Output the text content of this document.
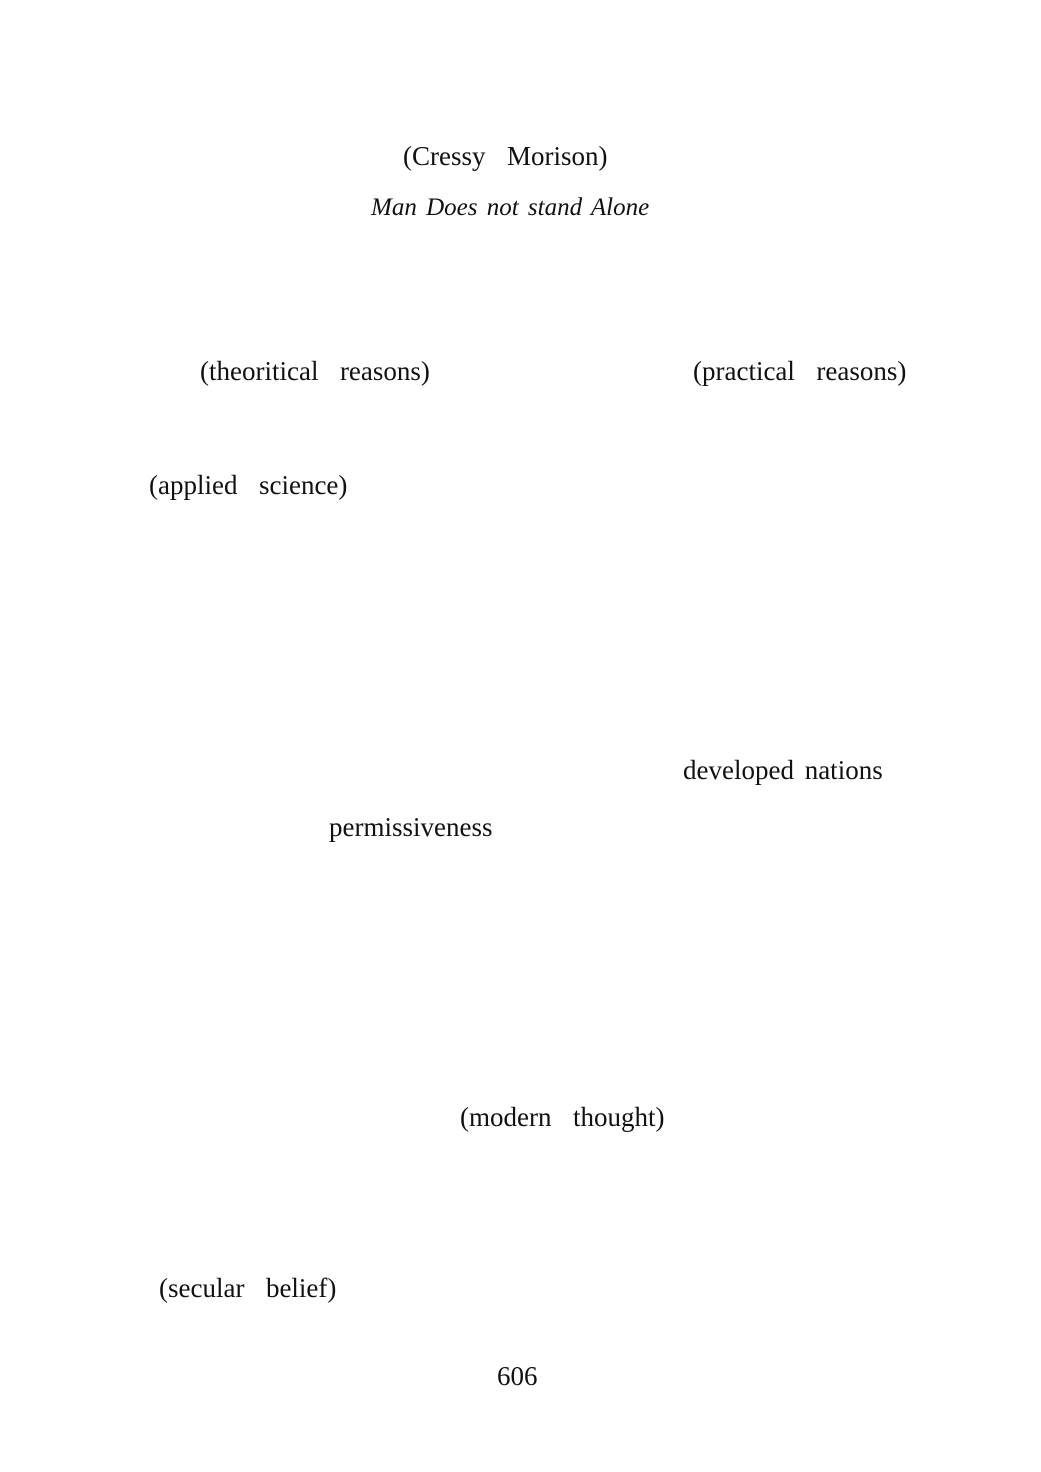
(Cressy  Morison)
Man Does not stand Alone
(theoritical  reasons)	(practical  reasons)
(applied  science)
developed nations
permissiveness
(modern  thought)
(secular  belief)
606
